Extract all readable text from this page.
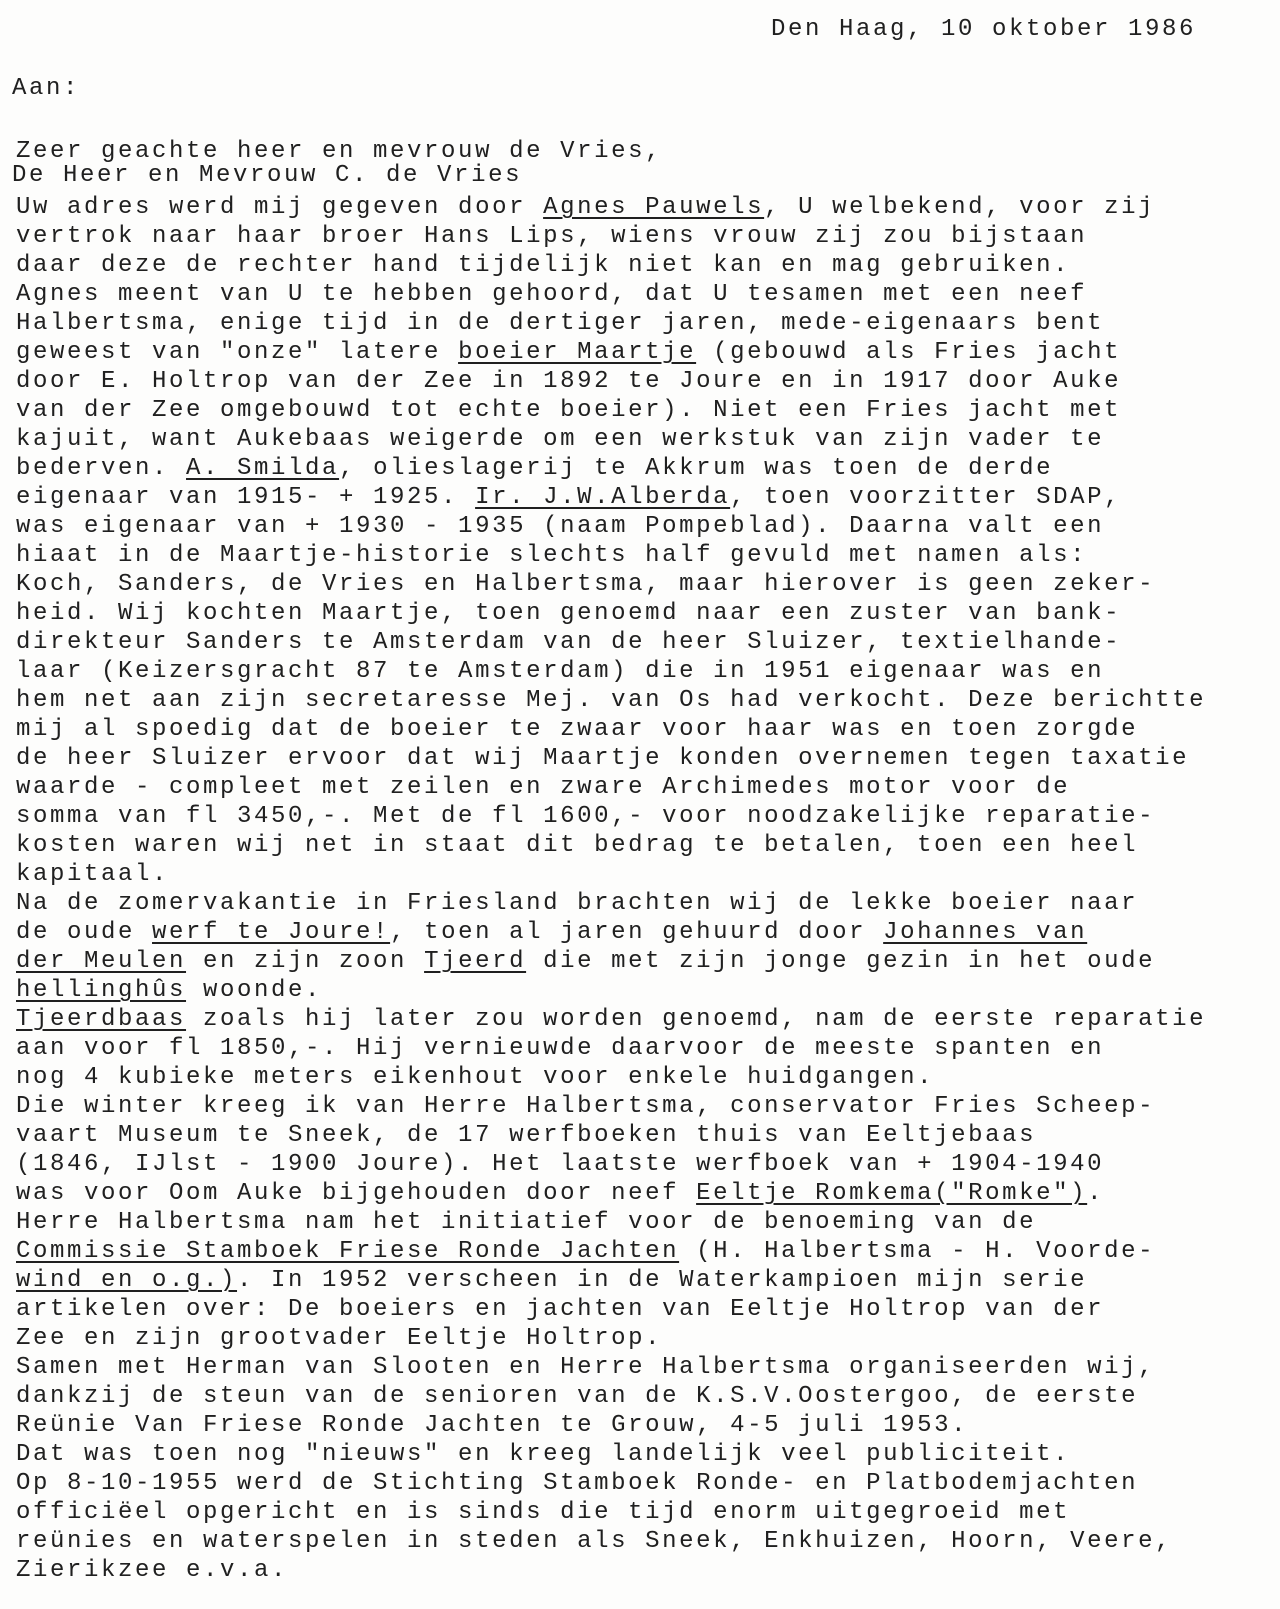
Aan:

De Heer en Mevrouw C. de Vries

Den Haag, 10 oktober 1986
Zeer geachte heer en mevrouw de Vries,
Uw adres werd mij gegeven door Agnes Pauwels, U welbekend, voor zij
vertrok naar haar broer Hans Lips, wiens vrouw zij zou bijstaan
daar deze de rechter hand tijdelijk niet kan en mag gebruiken.
Agnes meent van U te hebben gehoord, dat U tesamen met een neef
Halbertsma, enige tijd in de dertiger jaren, mede-eigenaars bent
geweest van "onze" latere boeier Maartje (gebouwd als Fries jacht
door E. Holtrop van der Zee in 1892 te Joure en in 1917 door Auke
van der Zee omgebouwd tot echte boeier). Niet een Fries jacht met
kajuit, want Aukebaas weigerde om een werkstuk van zijn vader te
bederven. A. Smilda, olieslagerij te Akkrum was toen de derde
eigenaar van 1915- + 1925. Ir. J.W.Alberda, toen voorzitter SDAP,
was eigenaar van + 1930 - 1935 (naam Pompeblad). Daarna valt een
hiaat in de Maartje-historie slechts half gevuld met namen als:
Koch, Sanders, de Vries en Halbertsma, maar hierover is geen zeker-
heid. Wij kochten Maartje, toen genoemd naar een zuster van bank-
direkteur Sanders te Amsterdam van de heer Sluizer, textielhande-
laar (Keizersgracht 87 te Amsterdam) die in 1951 eigenaar was en
hem net aan zijn secretaresse Mej. van Os had verkocht. Deze berichtte
mij al spoedig dat de boeier te zwaar voor haar was en toen zorgde
de heer Sluizer ervoor dat wij Maartje konden overnemen tegen taxatie
waarde - compleet met zeilen en zware Archimedes motor voor de
somma van fl 3450,-. Met de fl 1600,- voor noodzakelijke reparatie-
kosten waren wij net in staat dit bedrag te betalen, toen een heel
kapitaal.
Na de zomervakantie in Friesland brachten wij de lekke boeier naar
de oude werf te Joure!, toen al jaren gehuurd door Johannes van
der Meulen en zijn zoon Tjeerd die met zijn jonge gezin in het oude
hellinghûs woonde.
Tjeerdbaas zoals hij later zou worden genoemd, nam de eerste reparatie
aan voor fl 1850,-. Hij vernieuwde daarvoor de meeste spanten en
nog 4 kubieke meters eikenhout voor enkele huidgangen.
Die winter kreeg ik van Herre Halbertsma, conservator Fries Scheep-
vaart Museum te Sneek, de 17 werfboeken thuis van Eeltjebaas
(1846, IJlst - 1900 Joure). Het laatste werfboek van + 1904-1940
was voor Oom Auke bijgehouden door neef Eeltje Romkema("Romke").
Herre Halbertsma nam het initiatief voor de benoeming van de
Commissie Stamboek Friese Ronde Jachten (H. Halbertsma - H. Voorde-
wind en o.g.). In 1952 verscheen in de Waterkampioen mijn serie
artikelen over: De boeiers en jachten van Eeltje Holtrop van der
Zee en zijn grootvader Eeltje Holtrop.
Samen met Herman van Slooten en Herre Halbertsma organiseerden wij,
dankzij de steun van de senioren van de K.S.V.Oostergoo, de eerste
Reünie Van Friese Ronde Jachten te Grouw, 4-5 juli 1953.
Dat was toen nog "nieuws" en kreeg landelijk veel publiciteit.
Op 8-10-1955 werd de Stichting Stamboek Ronde- en Platbodemjachten
officiëel opgericht en is sinds die tijd enorm uitgegroeid met
reünies en waterspelen in steden als Sneek, Enkhuizen, Hoorn, Veere,
Zierikzee e.v.a.
